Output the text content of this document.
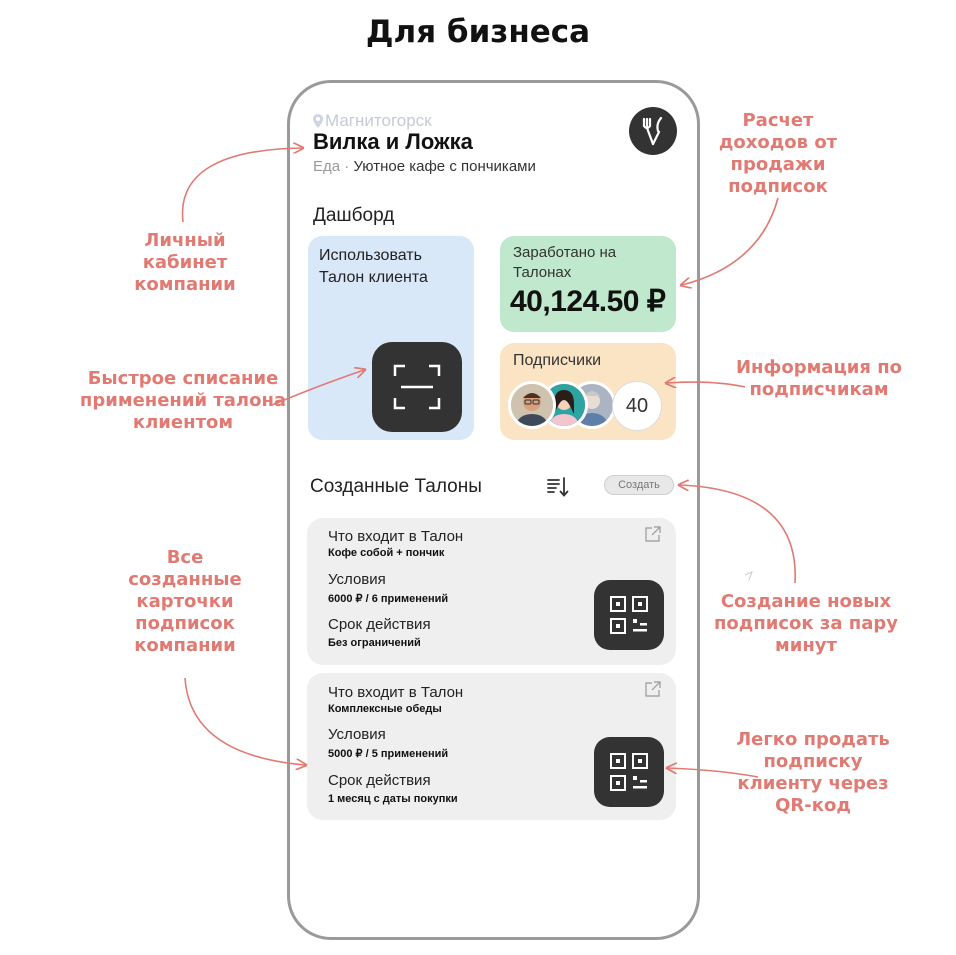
Для бизнеса
Магнитогорск
Вилка и Ложка
Еда · Уютное кафе с пончиками
Дашборд
Использовать Талон клиента
Заработано на Талонах
40,124.50 ₽
Подписчики
40
Созданные Талоны	Создать
Что входит в Талон
Кофе собой + пончик
Условия
6000 ₽ / 6 применений
Срок действия
Без ограничений
Что входит в Талон
Комплексные обеды
Условия
5000 ₽ / 5 применений
Срок действия
1 месяц с даты покупки
Личный кабинет компании
Расчет доходов от продажи подписок
Быстрое списание применений талона клиентом
Информация по подписчикам
Все созданные карточки подписок компании
Создание новых подписок за пару минут
Легко продать подписку клиенту через QR-код
